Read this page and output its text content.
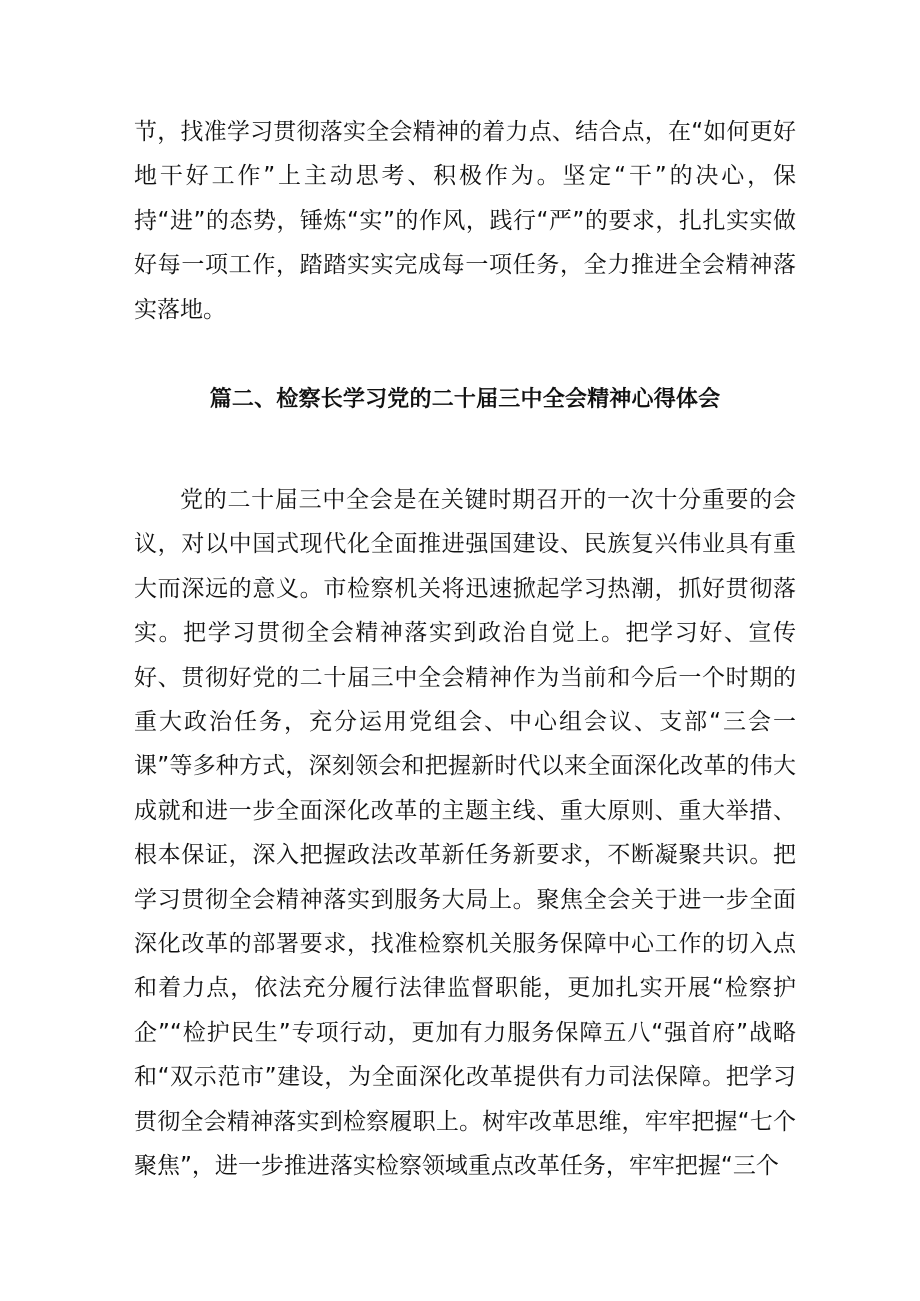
节，找准学习贯彻落实全会精神的着力点、结合点，在“如何更好地干好工作”上主动思考、积极作为。坚定“干”的决心，保持“进”的态势，锤炼“实”的作风，践行“严”的要求，扎扎实实做好每一项工作，踏踏实实完成每一项任务，全力推进全会精神落实落地。

篇二、检察长学习党的二十届三中全会精神心得体会

党的二十届三中全会是在关键时期召开的一次十分重要的会议，对以中国式现代化全面推进强国建设、民族复兴伟业具有重大而深远的意义。市检察机关将迅速掀起学习热潮，抓好贯彻落实。把学习贯彻全会精神落实到政治自觉上。把学习好、宣传好、贯彻好党的二十届三中全会精神作为当前和今后一个时期的重大政治任务，充分运用党组会、中心组会议、支部“三会一课”等多种方式，深刻领会和把握新时代以来全面深化改革的伟大成就和进一步全面深化改革的主题主线、重大原则、重大举措、根本保证，深入把握政法改革新任务新要求，不断凝聚共识。把学习贯彻全会精神落实到服务大局上。聚焦全会关于进一步全面深化改革的部署要求，找准检察机关服务保障中心工作的切入点和着力点，依法充分履行法律监督职能，更加扎实开展“检察护企”“检护民生”专项行动，更加有力服务保障五八“强首府”战略和“双示范市”建设，为全面深化改革提供有力司法保障。把学习贯彻全会精神落实到检察履职上。树牢改革思维，牢牢把握“七个聚焦”，进一步推进落实检察领域重点改革任务，牢牢把握“三个
